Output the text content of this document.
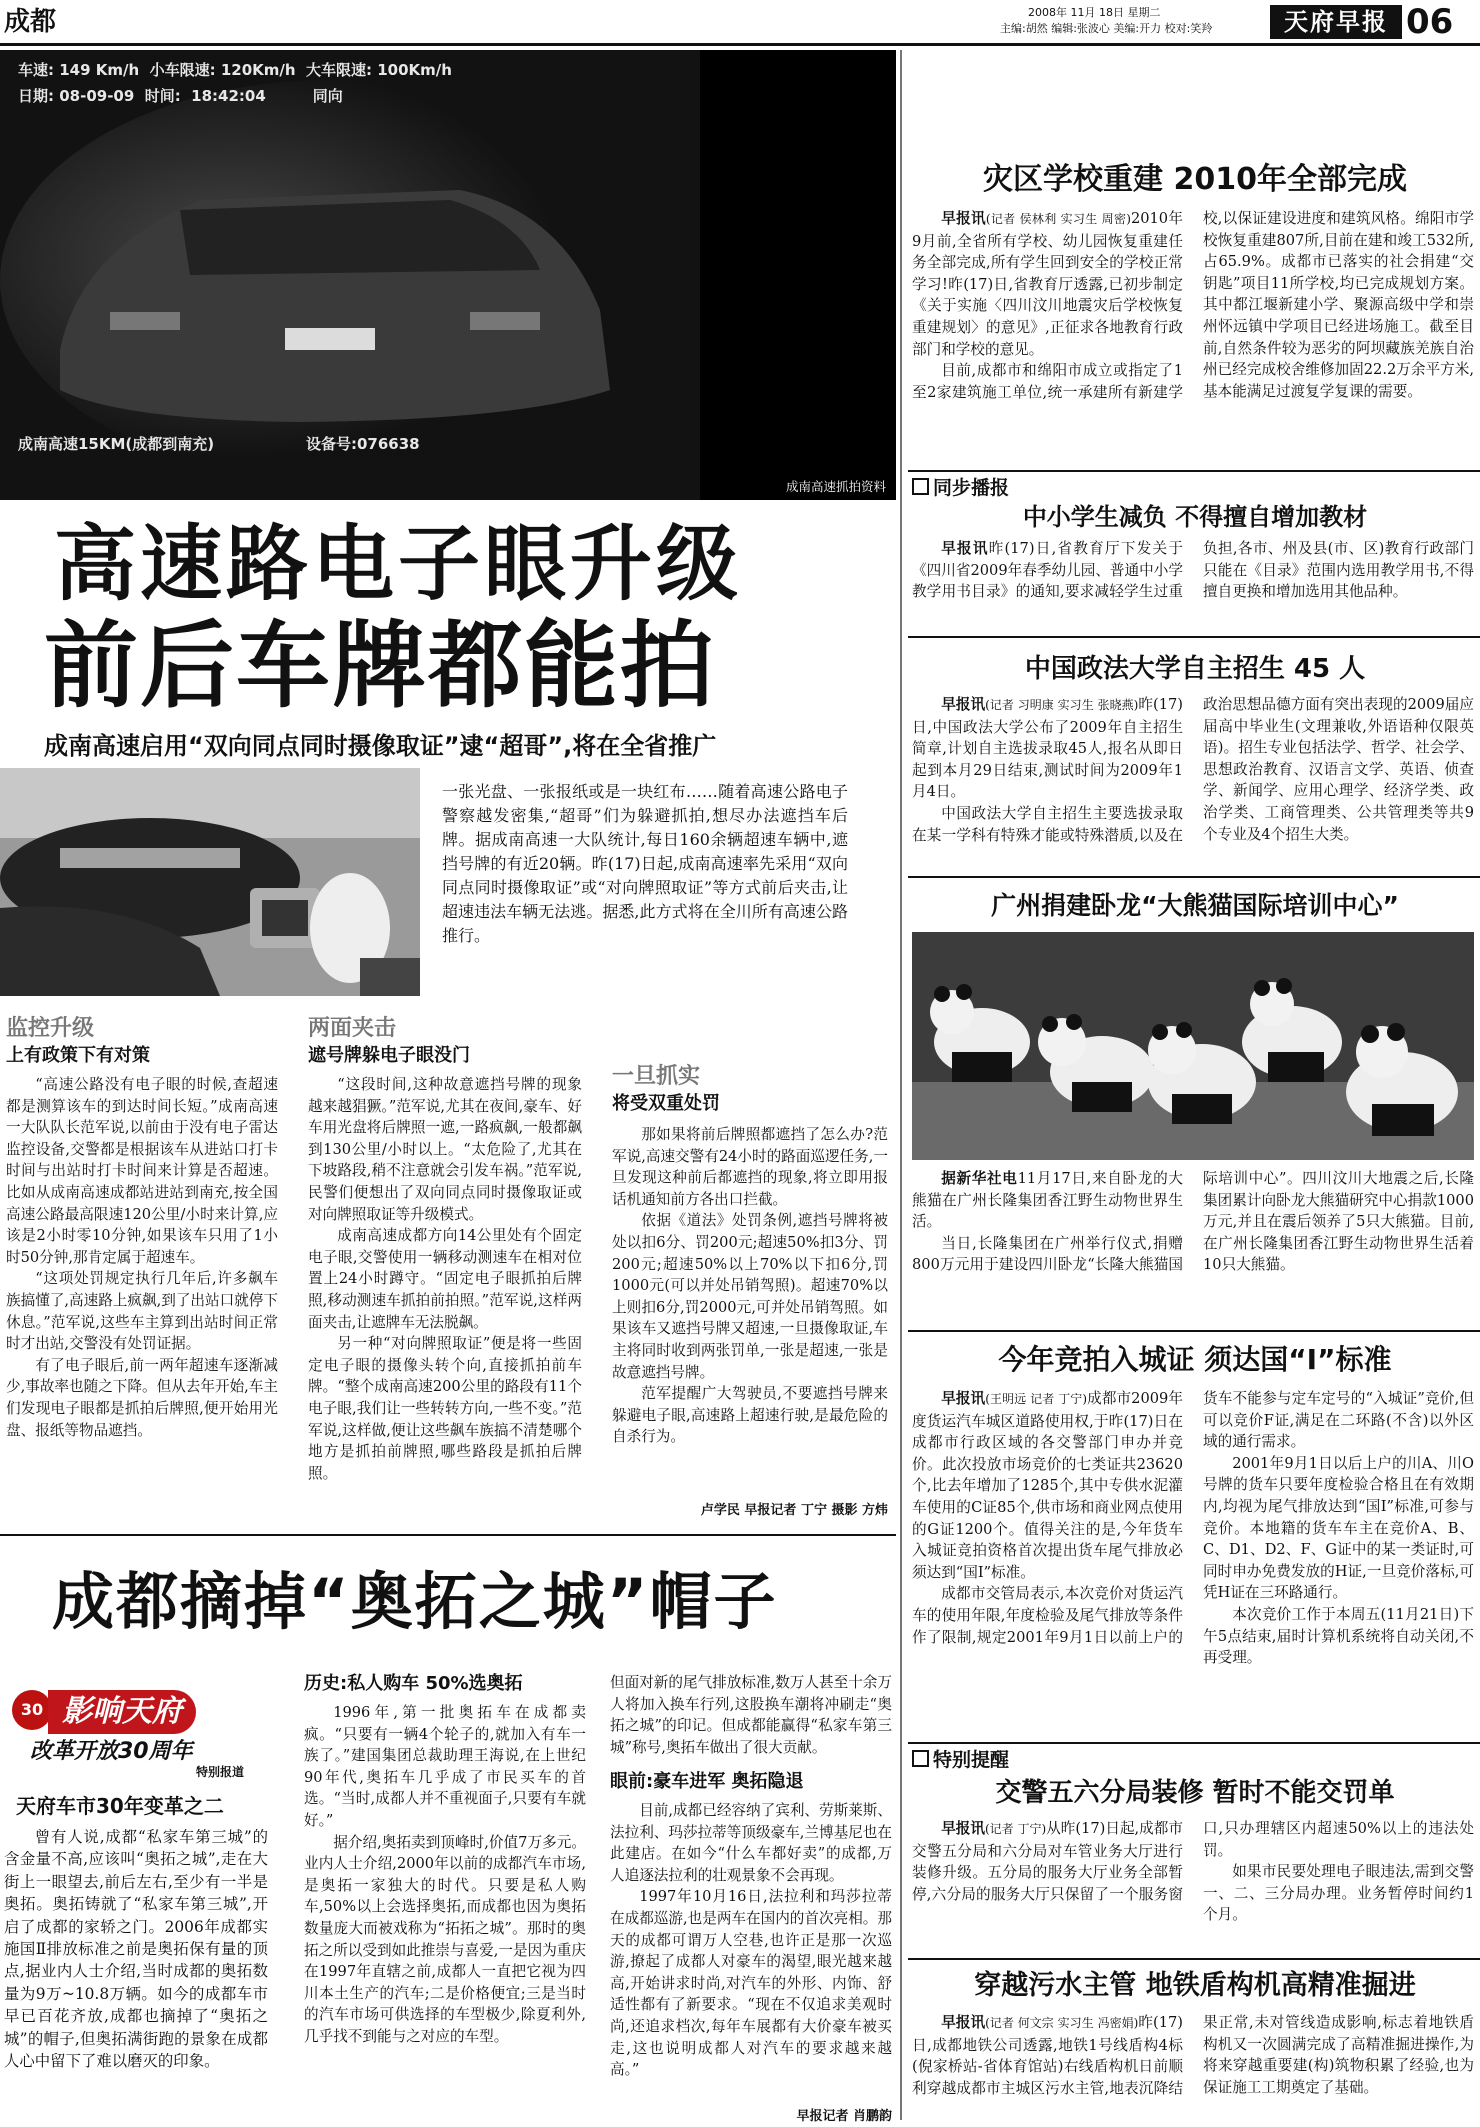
成都	2008年 11月 18日 星期二
主编:胡然 编辑:张波心 美编:开力 校对:笑羚	天府早报 06
车速: 149 Km/h  小车限速: 120Km/h  大车限速: 100Km/h
日期: 08-09-09  时间:  18:42:04         同向
成南高速15KM(成都到南充)	设备号:076638
成南高速抓拍资料
高速路电子眼升级
前后车牌都能拍
成南高速启用“双向同点同时摄像取证”逮“超哥”,将在全省推广

一张光盘、一张报纸或是一块红布……随着高速公路电子警察越发密集,“超哥”们为躲避抓拍,想尽办法遮挡车后牌。据成南高速一大队统计,每日160余辆超速车辆中,遮挡号牌的有近20辆。昨(17)日起,成南高速率先采用“双向同点同时摄像取证”或“对向牌照取证”等方式前后夹击,让超速违法车辆无法逃。据悉,此方式将在全川所有高速公路推行。

监控升级
上有政策下有对策

“高速公路没有电子眼的时候,查超速都是测算该车的到达时间长短。”成南高速一大队队长范军说,以前由于没有电子雷达监控设备,交警都是根据该车从进站口打卡时间与出站时打卡时间来计算是否超速。比如从成南高速成都站进站到南充,按全国高速公路最高限速120公里/小时来计算,应该是2小时零10分钟,如果该车只用了1小时50分钟,那肯定属于超速车。

“这项处罚规定执行几年后,许多飙车族搞懂了,高速路上疯飙,到了出站口就停下休息。”范军说,这些车主算到出站时间正常时才出站,交警没有处罚证据。

有了电子眼后,前一两年超速车逐渐减少,事故率也随之下降。但从去年开始,车主们发现电子眼都是抓拍后牌照,便开始用光盘、报纸等物品遮挡。

两面夹击
遮号牌躲电子眼没门

“这段时间,这种故意遮挡号牌的现象越来越猖獗。”范军说,尤其在夜间,豪车、好车用光盘将后牌照一遮,一路疯飙,一般都飙到130公里/小时以上。“太危险了,尤其在下坡路段,稍不注意就会引发车祸。”范军说,民警们便想出了双向同点同时摄像取证或对向牌照取证等升级模式。

成南高速成都方向14公里处有个固定电子眼,交警使用一辆移动测速车在相对位置上24小时蹲守。“固定电子眼抓拍后牌照,移动测速车抓拍前拍照。”范军说,这样两面夹击,让遮牌车无法脱飙。

另一种“对向牌照取证”便是将一些固定电子眼的摄像头转个向,直接抓拍前车牌。“整个成南高速200公里的路段有11个电子眼,我们让一些转转方向,一些不变。”范军说,这样做,便让这些飙车族搞不清楚哪个地方是抓拍前牌照,哪些路段是抓拍后牌照。

一旦抓实
将受双重处罚

那如果将前后牌照都遮挡了怎么办?范军说,高速交警有24小时的路面巡逻任务,一旦发现这种前后都遮挡的现象,将立即用报话机通知前方各出口拦截。

依据《道法》处罚条例,遮挡号牌将被处以扣6分、罚200元;超速50%扣3分、罚200元;超速50%以上70%以下扣6分,罚1000元(可以并处吊销驾照)。超速70%以上则扣6分,罚2000元,可并处吊销驾照。如果该车又遮挡号牌又超速,一旦摄像取证,车主将同时收到两张罚单,一张是超速,一张是故意遮挡号牌。

范军提醒广大驾驶员,不要遮挡号牌来躲避电子眼,高速路上超速行驶,是最危险的自杀行为。

卢学民 早报记者 丁宁 摄影 方炜
成都摘掉“奥拓之城”帽子
30 影响天府
改革开放30周年
特别报道
天府车市30年变革之二

曾有人说,成都“私家车第三城”的含金量不高,应该叫“奥拓之城”,走在大街上一眼望去,前后左右,至少有一半是奥拓。奥拓铸就了“私家车第三城”,开启了成都的家轿之门。2006年成都实施国Ⅱ排放标准之前是奥拓保有量的顶点,据业内人士介绍,当时成都的奥拓数量为9万~10.8万辆。如今的成都车市早已百花齐放,成都也摘掉了“奥拓之城”的帽子,但奥拓满街跑的景象在成都人心中留下了难以磨灭的印象。

历史:私人购车 50%选奥拓

1996年,第一批奥拓车在成都卖疯。“只要有一辆4个轮子的,就加入有车一族了。”建国集团总裁助理王海说,在上世纪90年代,奥拓车几乎成了市民买车的首选。“当时,成都人并不重视面子,只要有车就好。”

据介绍,奥拓卖到顶峰时,价值7万多元。业内人士介绍,2000年以前的成都汽车市场,是奥拓一家独大的时代。只要是私人购车,50%以上会选择奥拓,而成都也因为奥拓数量庞大而被戏称为“拓拓之城”。那时的奥拓之所以受到如此推崇与喜爱,一是因为重庆在1997年直辖之前,成都人一直把它视为四川本土生产的汽车;二是价格便宜;三是当时的汽车市场可供选择的车型极少,除夏利外,几乎找不到能与之对应的车型。

但面对新的尾气排放标准,数万人甚至十余万人将加入换车行列,这股换车潮将冲刷走“奥拓之城”的印记。但成都能赢得“私家车第三城”称号,奥拓车做出了很大贡献。

眼前:豪车进军 奥拓隐退

目前,成都已经容纳了宾利、劳斯莱斯、法拉利、玛莎拉蒂等顶级豪车,兰博基尼也在此建店。在如今“什么车都好卖”的成都,万人追逐法拉利的壮观景象不会再现。

1997年10月16日,法拉利和玛莎拉蒂在成都巡游,也是两车在国内的首次亮相。那天的成都可谓万人空巷,也许正是那一次巡游,撩起了成都人对豪车的渴望,眼光越来越高,开始讲求时尚,对汽车的外形、内饰、舒适性都有了新要求。“现在不仅追求美观时尚,还追求档次,每年车展都有大价豪车被买走,这也说明成都人对汽车的要求越来越高。”

早报记者 肖鹏韵
灾区学校重建 2010年全部完成

早报讯(记者 侯林利 实习生 周密)2010年9月前,全省所有学校、幼儿园恢复重建任务全部完成,所有学生回到安全的学校正常学习!昨(17)日,省教育厅透露,已初步制定《关于实施〈四川汶川地震灾后学校恢复重建规划〉的意见》,正征求各地教育行政部门和学校的意见。

目前,成都市和绵阳市成立或指定了1至2家建筑施工单位,统一承建所有新建学校,以保证建设进度和建筑风格。绵阳市学校恢复重建807所,目前在建和竣工532所,占65.9%。成都市已落实的社会捐建“交钥匙”项目11所学校,均已完成规划方案。其中都江堰新建小学、聚源高级中学和崇州怀远镇中学项目已经进场施工。截至目前,自然条件较为恶劣的阿坝藏族羌族自治州已经完成校舍维修加固22.2万余平方米,基本能满足过渡复学复课的需要。

同步播报
中小学生减负 不得擅自增加教材

早报讯昨(17)日,省教育厅下发关于《四川省2009年春季幼儿园、普通中小学教学用书目录》的通知,要求减轻学生过重负担,各市、州及县(市、区)教育行政部门只能在《目录》范围内选用教学用书,不得擅自更换和增加选用其他品种。

中国政法大学自主招生 45 人

早报讯(记者 习明康 实习生 张晓燕)昨(17)日,中国政法大学公布了2009年自主招生简章,计划自主选拔录取45人,报名从即日起到本月29日结束,测试时间为2009年1月4日。

中国政法大学自主招生主要选拔录取在某一学科有特殊才能或特殊潜质,以及在政治思想品德方面有突出表现的2009届应届高中毕业生(文理兼收,外语语种仅限英语)。招生专业包括法学、哲学、社会学、思想政治教育、汉语言文学、英语、侦查学、新闻学、应用心理学、经济学类、政治学类、工商管理类、公共管理类等共9个专业及4个招生大类。

广州捐建卧龙“大熊猫国际培训中心”

据新华社电11月17日,来自卧龙的大熊猫在广州长隆集团香江野生动物世界生活。

当日,长隆集团在广州举行仪式,捐赠800万元用于建设四川卧龙“长隆大熊猫国际培训中心”。四川汶川大地震之后,长隆集团累计向卧龙大熊猫研究中心捐款1000万元,并且在震后领养了5只大熊猫。目前,在广州长隆集团香江野生动物世界生活着10只大熊猫。

今年竞拍入城证 须达国“I”标准

早报讯(王明远 记者 丁宁)成都市2009年度货运汽车城区道路使用权,于昨(17)日在成都市行政区域的各交警部门申办并竞价。此次投放市场竞价的七类证共23620个,比去年增加了1285个,其中专供水泥灌车使用的C证85个,供市场和商业网点使用的G证1200个。值得关注的是,今年货车入城证竞拍资格首次提出货车尾气排放必须达到“国I”标准。

成都市交管局表示,本次竞价对货运汽车的使用年限,年度检验及尾气排放等条件作了限制,规定2001年9月1日以前上户的货车不能参与定车定号的“入城证”竞价,但可以竞价F证,满足在二环路(不含)以外区域的通行需求。

2001年9月1日以后上户的川A、川O号牌的货车只要年度检验合格且在有效期内,均视为尾气排放达到“国I”标准,可参与竞价。本地籍的货车车主在竞价A、B、C、D1、D2、F、G证中的某一类证时,可同时申办免费发放的H证,一旦竞价落标,可凭H证在三环路通行。

本次竞价工作于本周五(11月21日)下午5点结束,届时计算机系统将自动关闭,不再受理。

特别提醒
交警五六分局装修 暂时不能交罚单

早报讯(记者 丁宁)从昨(17)日起,成都市交警五分局和六分局对车管业务大厅进行装修升级。五分局的服务大厅业务全部暂停,六分局的服务大厅只保留了一个服务窗口,只办理辖区内超速50%以上的违法处罚。

如果市民要处理电子眼违法,需到交警一、二、三分局办理。业务暂停时间约1个月。

穿越污水主管 地铁盾构机高精准掘进

早报讯(记者 何文宗 实习生 冯密娟)昨(17)日,成都地铁公司透露,地铁1号线盾构4标(倪家桥站-省体育馆站)右线盾构机日前顺利穿越成都市主城区污水主管,地表沉降结果正常,未对管线造成影响,标志着地铁盾构机又一次圆满完成了高精准掘进操作,为将来穿越重要建(构)筑物积累了经验,也为保证施工工期奠定了基础。
